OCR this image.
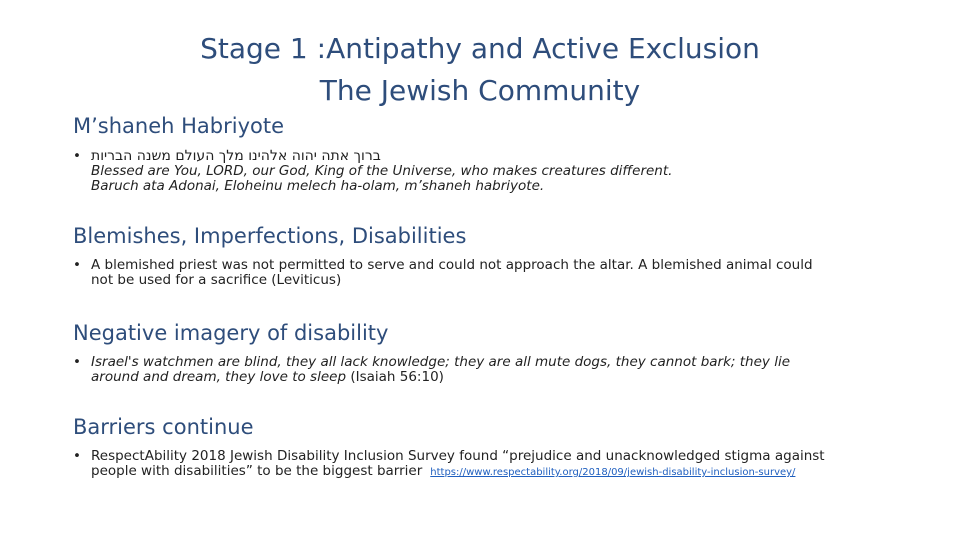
Stage 1 :Antipathy and Active Exclusion
The Jewish Community
M’shaneh Habriyote
• ברוך אתה יהוה אלהינו מלך העולם משנה הבריות
Blessed are You, LORD, our God, King of the Universe, who makes creatures different.
Baruch ata Adonai, Eloheinu melech ha-olam, m’shaneh habriyote.
Blemishes, Imperfections, Disabilities
• A blemished priest was not permitted to serve and could not approach the altar. A blemished animal could
not be used for a sacrifice (Leviticus)
Negative imagery of disability
• Israel's watchmen are blind, they all lack knowledge; they are all mute dogs, they cannot bark; they lie
around and dream, they love to sleep (Isaiah 56:10)
Barriers continue
• RespectAbility 2018 Jewish Disability Inclusion Survey found “prejudice and unacknowledged stigma against
people with disabilities” to be the biggest barrier https://www.respectability.org/2018/09/jewish-disability-inclusion-survey/
